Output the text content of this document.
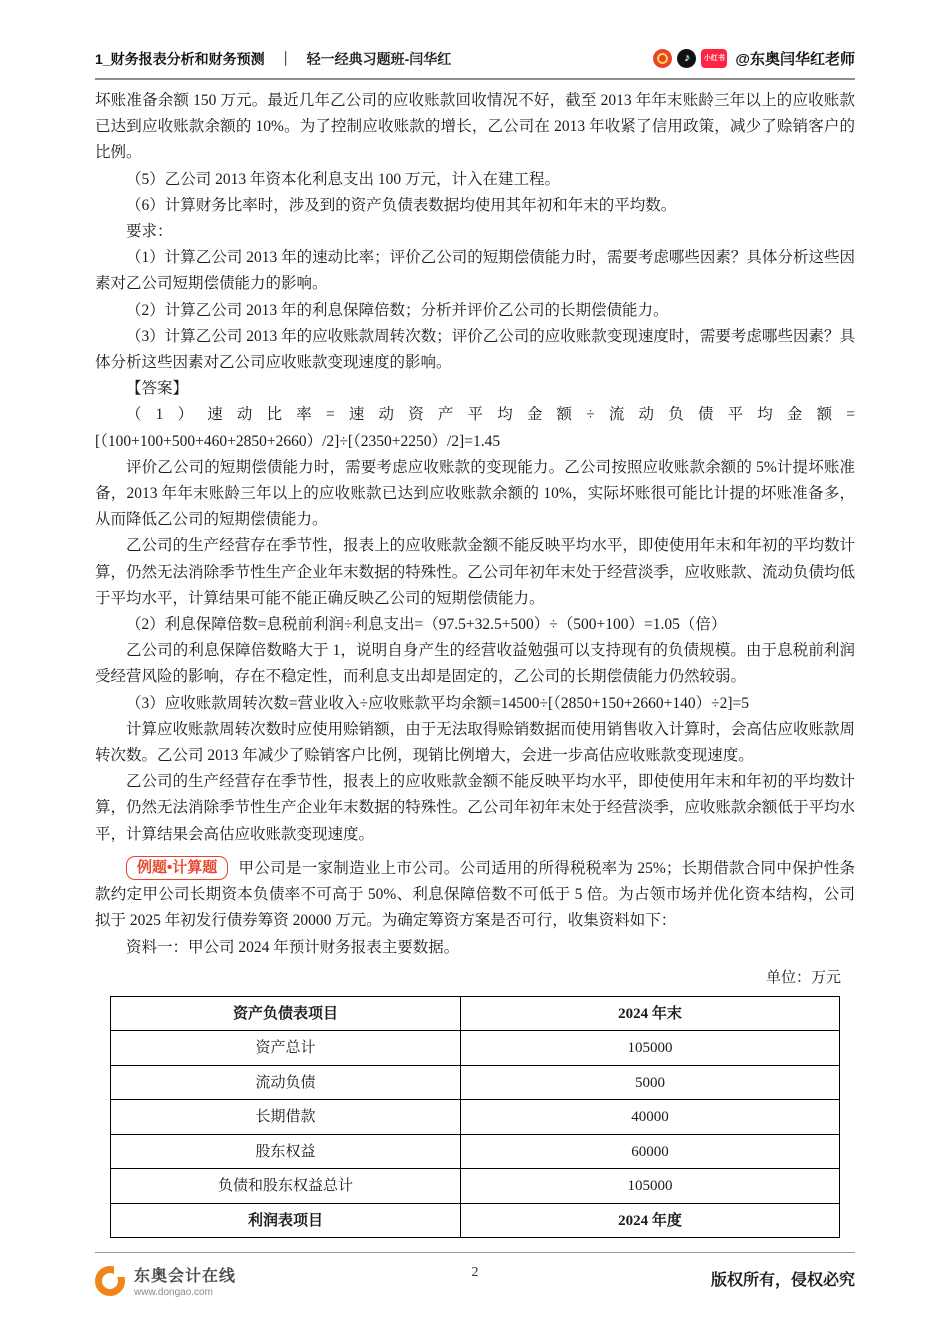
1_财务报表分析和财务预测 ｜ 轻一经典习题班-闫华红	♪	小红书 @东奥闫华红老师

坏账准备余额 150 万元。最近几年乙公司的应收账款回收情况不好，截至 2013 年年末账龄三年以上的应收账款已达到应收账款余额的 10%。为了控制应收账款的增长，乙公司在 2013 年收紧了信用政策，减少了赊销客户的比例。

（5）乙公司 2013 年资本化利息支出 100 万元，计入在建工程。

（6）计算财务比率时，涉及到的资产负债表数据均使用其年初和年末的平均数。

要求：

（1）计算乙公司 2013 年的速动比率；评价乙公司的短期偿债能力时，需要考虑哪些因素？具体分析这些因素对乙公司短期偿债能力的影响。

（2）计算乙公司 2013 年的利息保障倍数；分析并评价乙公司的长期偿债能力。

（3）计算乙公司 2013 年的应收账款周转次数；评价乙公司的应收账款变现速度时，需要考虑哪些因素？具体分析这些因素对乙公司应收账款变现速度的影响。

【答案】

（1）速动比率=速动资产平均金额÷流动负债平均金额=[（100+100+500+460+2850+2660）/2]÷[（2350+2250）/2]=1.45

评价乙公司的短期偿债能力时，需要考虑应收账款的变现能力。乙公司按照应收账款余额的 5%计提坏账准备，2013 年年末账龄三年以上的应收账款已达到应收账款余额的 10%，实际坏账很可能比计提的坏账准备多，从而降低乙公司的短期偿债能力。

乙公司的生产经营存在季节性，报表上的应收账款金额不能反映平均水平，即使使用年末和年初的平均数计算，仍然无法消除季节性生产企业年末数据的特殊性。乙公司年初年末处于经营淡季，应收账款、流动负债均低于平均水平，计算结果可能不能正确反映乙公司的短期偿债能力。

（2）利息保障倍数=息税前利润÷利息支出=（97.5+32.5+500）÷（500+100）=1.05（倍）

乙公司的利息保障倍数略大于 1，说明自身产生的经营收益勉强可以支持现有的负债规模。由于息税前利润受经营风险的影响，存在不稳定性，而利息支出却是固定的，乙公司的长期偿债能力仍然较弱。

（3）应收账款周转次数=营业收入÷应收账款平均余额=14500÷[（2850+150+2660+140）÷2]=5

计算应收账款周转次数时应使用赊销额，由于无法取得赊销数据而使用销售收入计算时，会高估应收账款周转次数。乙公司 2013 年减少了赊销客户比例，现销比例增大，会进一步高估应收账款变现速度。

乙公司的生产经营存在季节性，报表上的应收账款金额不能反映平均水平，即使使用年末和年初的平均数计算，仍然无法消除季节性生产企业年末数据的特殊性。乙公司年初年末处于经营淡季，应收账款余额低于平均水平，计算结果会高估应收账款变现速度。

例题•计算题 甲公司是一家制造业上市公司。公司适用的所得税税率为 25%；长期借款合同中保护性条款约定甲公司长期资本负债率不可高于 50%、利息保障倍数不可低于 5 倍。为占领市场并优化资本结构，公司拟于 2025 年初发行债券筹资 20000 万元。为确定筹资方案是否可行，收集资料如下：

资料一：甲公司 2024 年预计财务报表主要数据。

单位：万元
资产负债表项目	2024 年末
资产总计	105000
流动负债	5000
长期借款	40000
股东权益	60000
负债和股东权益总计	105000
利润表项目	2024 年度
东奥会计在线
www.dongao.com
2	版权所有，侵权必究
